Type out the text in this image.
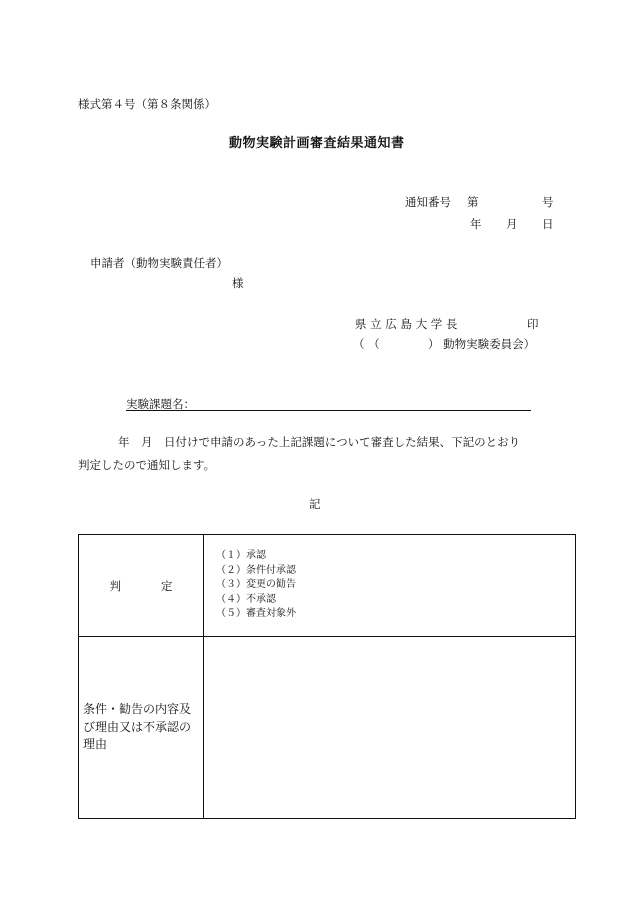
様式第４号（第８条関係）
動物実験計画審査結果通知書
通知番号 第	号
年 月 日
申請者（動物実験責任者）
様
県 立 広 島 大 学 長	印
（ （	） 動物実験委員会）
実験課題名：
年　月　日付けで申請のあった上記課題について審査した結果、下記のとおり
判定したので通知します。
記
判 定	（１）承認
（２）条件付承認
（３）変更の勧告
（４）不承認
（５）審査対象外

条件・勧告の内容及び理由又は不承認の理由	
